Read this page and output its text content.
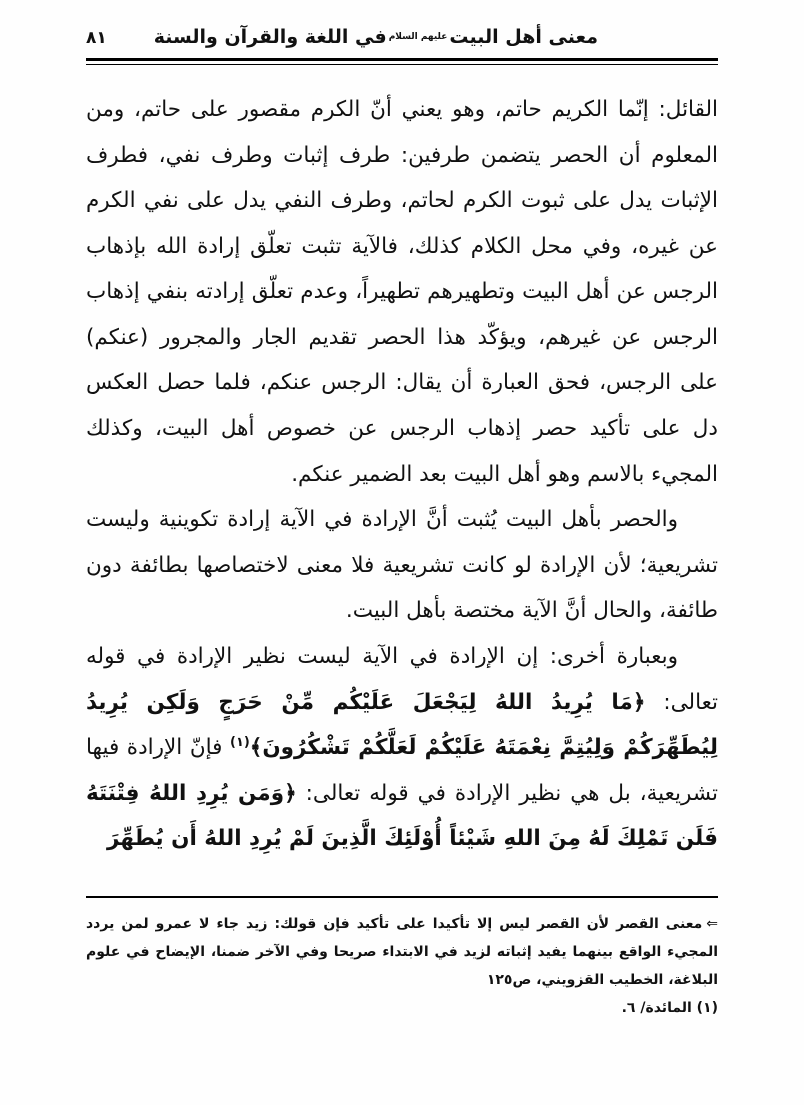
معنى أهل البيتعليهم السلامفي اللغة والقرآن والسنة
٨١

القائل: إنّما الكريم حاتم، وهو يعني أنّ الكرم مقصور على حاتم، ومن المعلوم أن الحصر يتضمن طرفين: طرف إثبات وطرف نفي، فطرف الإثبات يدل على ثبوت الكرم لحاتم، وطرف النفي يدل على نفي الكرم عن غيره، وفي محل الكلام كذلك، فالآية تثبت تعلّق إرادة الله بإذهاب الرجس عن أهل البيت وتطهيرهم تطهيراً، وعدم تعلّق إرادته بنفي إذهاب الرجس عن غيرهم، ويؤكّد هذا الحصر تقديم الجار والمجرور (عنكم) على الرجس، فحق العبارة أن يقال: الرجس عنكم، فلما حصل العكس دل على تأكيد حصر إذهاب الرجس عن خصوص أهل البيت، وكذلك المجيء بالاسم وهو أهل البيت بعد الضمير عنكم.

والحصر بأهل البيت يُثبت أنَّ الإرادة في الآية إرادة تكوينية وليست تشريعية؛ لأن الإرادة لو كانت تشريعية فلا معنى لاختصاصها بطائفة دون طائفة، والحال أنَّ الآية مختصة بأهل البيت.

وبعبارة أخرى: إن الإرادة في الآية ليست نظير الإرادة في قوله تعالى: ﴿مَا يُرِيدُ اللهُ لِيَجْعَلَ عَلَيْكُم مِّنْ حَرَجٍ وَلَكِن يُرِيدُ لِيُطَهِّرَكُمْ وَلِيُتِمَّ نِعْمَتَهُ عَلَيْكُمْ لَعَلَّكُمْ تَشْكُرُونَ﴾$^{(١)}$ فإنّ الإرادة فيها تشريعية، بل هي نظير الإرادة في قوله تعالى: ﴿وَمَن يُرِدِ اللهُ فِتْنَتَهُ فَلَن تَمْلِكَ لَهُ مِنَ اللهِ شَيْئاً أُوْلَئِكَ الَّذِينَ لَمْ يُرِدِ اللهُ أَن يُطَهِّرَ

⇐معنى القصر لأن القصر ليس إلا تأكيدا على تأكيد فإن قولك: زيد جاء لا عمرو لمن يردد المجيء الواقع بينهما يفيد إثباته لزيد في الابتداء صريحا وفي الآخر ضمنا، الإيضاح في علوم البلاغة، الخطيب القزويني، ص١٢٥

(١) المائدة/ ٦.
